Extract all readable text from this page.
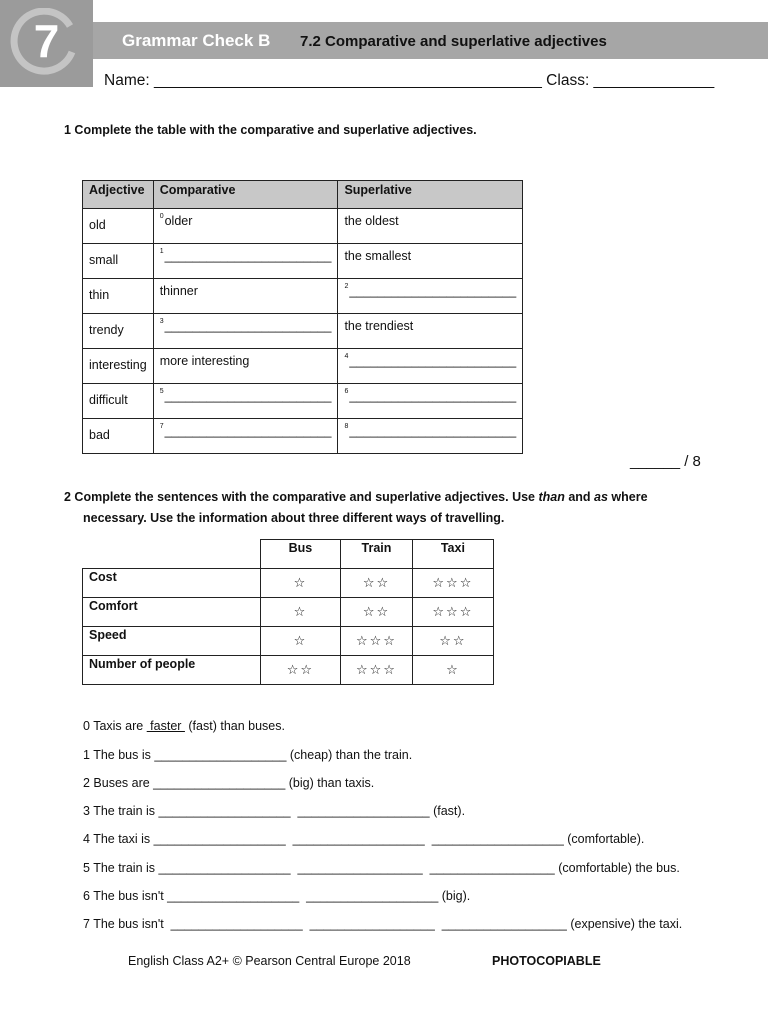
7	Grammar Check B 7.2 Comparative and superlative adjectives
Name: _____________________________________________ Class: ______________
1 Complete the table with the comparative and superlative adjectives.
Adjective	Comparative	Superlative
old	$^0$older	the oldest
small	$^1$________________________	the smallest
thin	thinner	$^2$________________________
trendy	$^3$________________________	the trendiest
interesting	more interesting	$^4$________________________
difficult	$^5$________________________	$^6$________________________
bad	$^7$________________________	$^8$________________________
______ / 8
2 Complete the sentences with the comparative and superlative adjectives. Use than and as where
necessary. Use the information about three different ways of travelling.
	Bus	Train	Taxi
Cost	☆	☆☆	☆☆☆
Comfort	☆	☆☆	☆☆☆
Speed	☆	☆☆☆	☆☆
Number of people	☆☆	☆☆☆	☆
0 Taxis are  faster  (fast) than buses.
1 The bus is ___________________ (cheap) than the train.
2 Buses are ___________________ (big) than taxis.
3 The train is ___________________  ___________________ (fast).
4 The taxi is ___________________  ___________________  ___________________ (comfortable).
5 The train is ___________________  __________________  __________________ (comfortable) the bus.
6 The bus isn't ___________________  ___________________ (big).
7 The bus isn't  ___________________  __________________  __________________ (expensive) the taxi.
English Class A2+ © Pearson Central Europe 2018	PHOTOCOPIABLE
